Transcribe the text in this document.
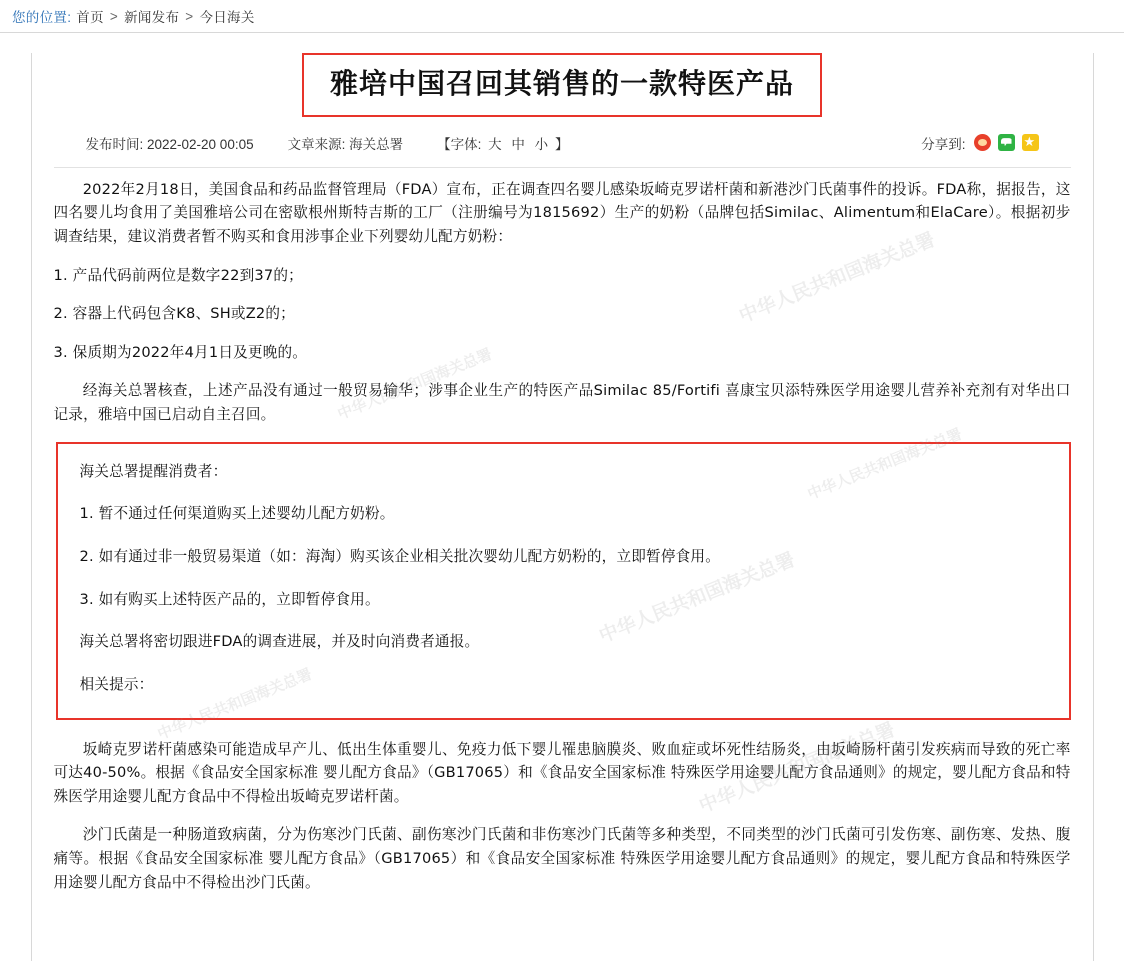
您的位置: 首页 > 新闻发布 > 今日海关
中华人民共和国海关总署
中华人民共和国海关总署
中华人民共和国海关总署
中华人民共和国海关总署
中华人民共和国海关总署
中华人民共和国海关总署
雅培中国召回其销售的一款特医产品
发布时间: 2022-02-20 00:05	文章来源: 海关总署	【字体: 大 中 小 】	分享到:
★

2022年2月18日，美国食品和药品监督管理局（FDA）宣布，正在调查四名婴儿感染坂崎克罗诺杆菌和新港沙门氏菌事件的投诉。FDA称，据报告，这四名婴儿均食用了美国雅培公司在密歇根州斯特吉斯的工厂（注册编号为1815692）生产的奶粉（品牌包括Similac、Alimentum和ElaCare）。根据初步调查结果，建议消费者暂不购买和食用涉事企业下列婴幼儿配方奶粉：

1. 产品代码前两位是数字22到37的；

2. 容器上代码包含K8、SH或Z2的；

3. 保质期为2022年4月1日及更晚的。

经海关总署核查，上述产品没有通过一般贸易输华；涉事企业生产的特医产品Similac 85/Fortifi 喜康宝贝添特殊医学用途婴儿营养补充剂有对华出口记录，雅培中国已启动自主召回。

海关总署提醒消费者：

1. 暂不通过任何渠道购买上述婴幼儿配方奶粉。

2. 如有通过非一般贸易渠道（如：海淘）购买该企业相关批次婴幼儿配方奶粉的，立即暂停食用。

3. 如有购买上述特医产品的，立即暂停食用。

海关总署将密切跟进FDA的调查进展，并及时向消费者通报。

相关提示：

坂崎克罗诺杆菌感染可能造成早产儿、低出生体重婴儿、免疫力低下婴儿罹患脑膜炎、败血症或坏死性结肠炎，由坂崎肠杆菌引发疾病而导致的死亡率可达40-50%。根据《食品安全国家标准 婴儿配方食品》（GB17065）和《食品安全国家标准 特殊医学用途婴儿配方食品通则》的规定，婴儿配方食品和特殊医学用途婴儿配方食品中不得检出坂崎克罗诺杆菌。

沙门氏菌是一种肠道致病菌，分为伤寒沙门氏菌、副伤寒沙门氏菌和非伤寒沙门氏菌等多种类型，不同类型的沙门氏菌可引发伤寒、副伤寒、发热、腹痛等。根据《食品安全国家标准 婴儿配方食品》（GB17065）和《食品安全国家标准 特殊医学用途婴儿配方食品通则》的规定，婴儿配方食品和特殊医学用途婴儿配方食品中不得检出沙门氏菌。
